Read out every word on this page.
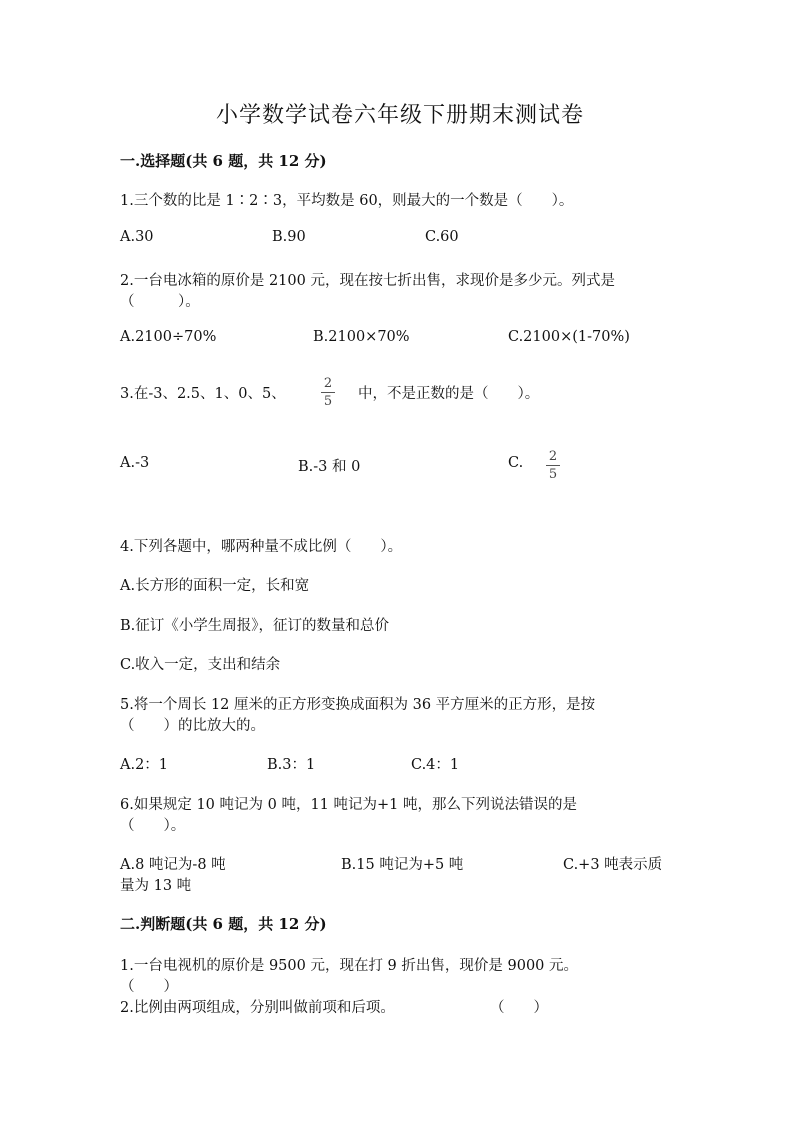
小学数学试卷六年级下册期末测试卷
一.选择题(共 6 题，共 12 分)
1.三个数的比是 1∶2∶3，平均数是 60，则最大的一个数是（　　）。
A.30	B.90	C.60
2.一台电冰箱的原价是 2100 元，现在按七折出售，求现价是多少元。列式是
（　　　）。
A.2100÷70%	B.2100×70%	C.2100×(1-70%)
3.在-3、2.5、1、0、5、
2
5 中，不是正数的是（　　）。
A.-3	B.-3 和 0	C. 2
5
4.下列各题中，哪两种量不成比例（　　）。
A.长方形的面积一定，长和宽
B.征订《小学生周报》，征订的数量和总价
C.收入一定，支出和结余
5.将一个周长 12 厘米的正方形变换成面积为 36 平方厘米的正方形，是按
（　　）的比放大的。
A.2：1	B.3：1	C.4：1
6.如果规定 10 吨记为 0 吨，11 吨记为+1 吨，那么下列说法错误的是
（　　）。
A.8 吨记为-8 吨	B.15 吨记为+5 吨	C.+3 吨表示质
量为 13 吨
二.判断题(共 6 题，共 12 分)
1.一台电视机的原价是 9500 元，现在打 9 折出售，现价是 9000 元。
（　　）
2.比例由两项组成，分别叫做前项和后项。	（　　）
